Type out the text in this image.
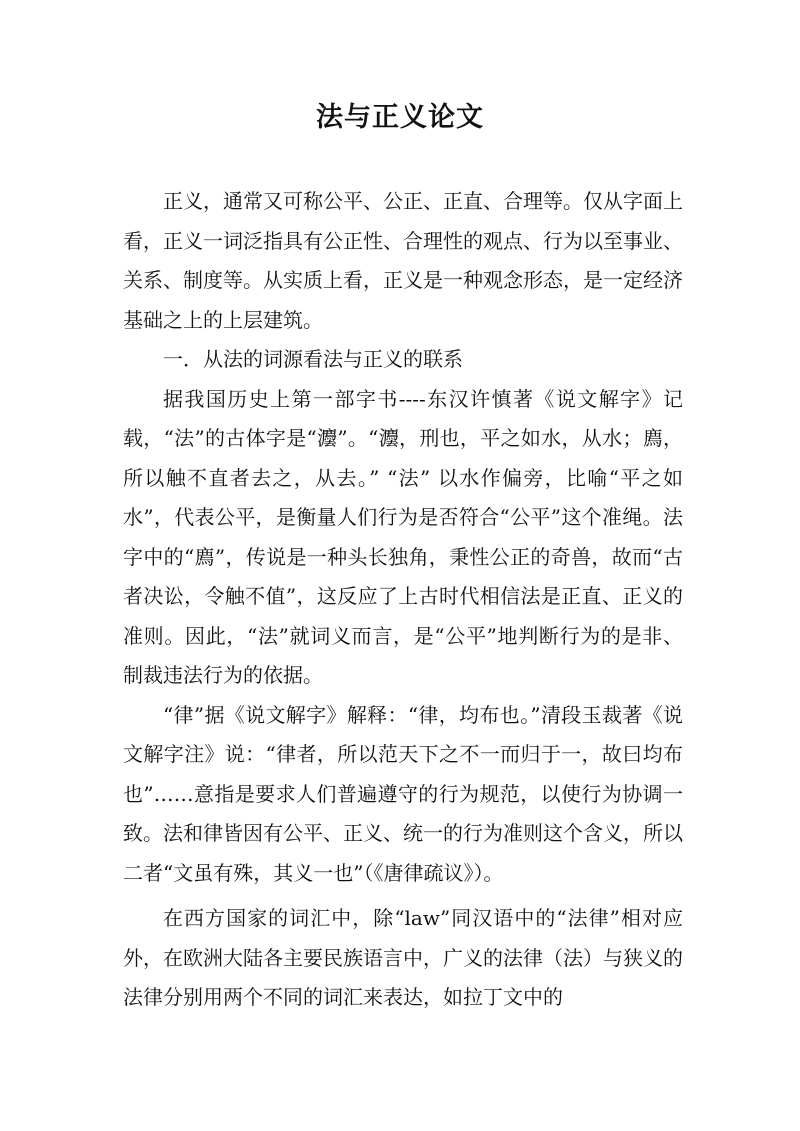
法与正义论文

正义，通常又可称公平、公正、正直、合理等。仅从字面上看，正义一词泛指具有公正性、合理性的观点、行为以至事业、关系、制度等。从实质上看，正义是一种观念形态，是一定经济基础之上的上层建筑。

一．从法的词源看法与正义的联系

据我国历史上第一部字书----东汉许慎著《说文解字》记载，“法”的古体字是“灋”。“灋，刑也，平之如水，从水；廌，所以触不直者去之，从去。” “法” 以水作偏旁，比喻“平之如水”，代表公平，是衡量人们行为是否符合“公平”这个准绳。法字中的“廌”，传说是一种头长独角，秉性公正的奇兽，故而“古者决讼，令触不值”，这反应了上古时代相信法是正直、正义的准则。因此，“法”就词义而言，是“公平”地判断行为的是非、制裁违法行为的依据。

“律”据《说文解字》解释：“律，均布也。”清段玉裁著《说文解字注》说：“律者，所以范天下之不一而归于一，故曰均布也”……意指是要求人们普遍遵守的行为规范，以使行为协调一致。法和律皆因有公平、正义、统一的行为准则这个含义，所以二者“文虽有殊，其义一也”（《唐律疏议》）。

在西方国家的词汇中，除“law”同汉语中的“法律”相对应外，在欧洲大陆各主要民族语言中，广义的法律（法）与狭义的法律分别用两个不同的词汇来表达，如拉丁文中的
